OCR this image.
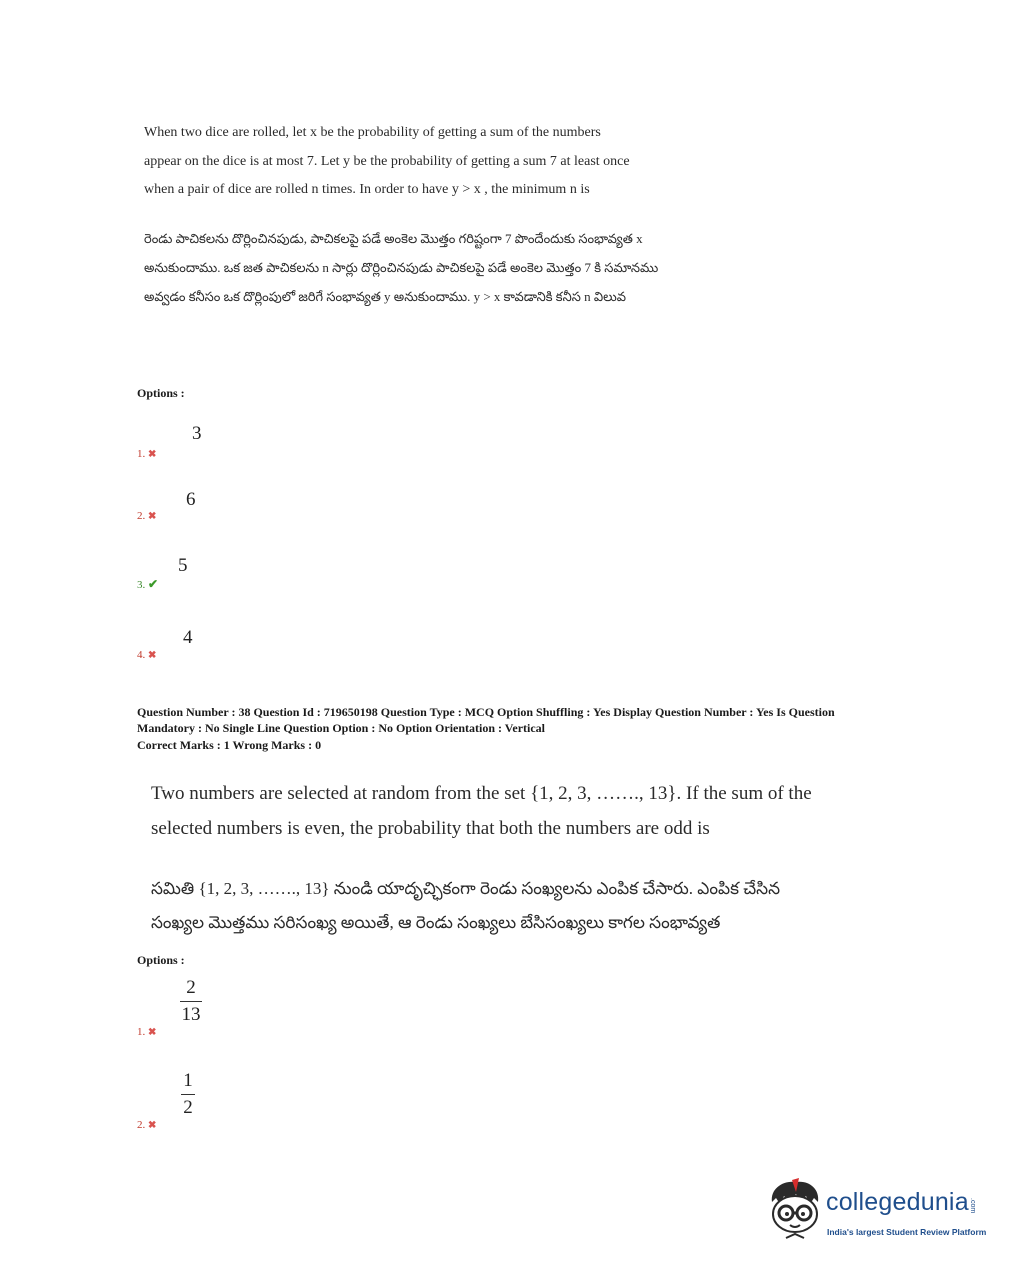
When two dice are rolled, let x be the probability of getting a sum of the numbers
appear on the dice is at most 7. Let y be the probability of getting a sum 7 at least once
when a pair of dice are rolled n times. In order to have y > x , the minimum n is
రెండు పాచికలను దొర్లించినపుడు, పాచికలపై పడే అంకెల మొత్తం గరిష్టంగా 7 పొందేందుకు సంభావ్యత x
అనుకుందాము. ఒక జత పాచికలను n సార్లు దొర్లించినపుడు పాచికలపై పడే అంకెల మొత్తం 7 కి సమానము
అవ్వడం కనీసం ఒక దొర్లింపులో జరిగే సంభావ్యత y అనుకుందాము. y > x కావడానికి కనీస n విలువ
Options :
3
1. ✖
6
2. ✖
5
3. ✔
4
4. ✖
Question Number : 38 Question Id : 719650198 Question Type : MCQ Option Shuffling : Yes Display Question Number : Yes Is Question
Mandatory : No Single Line Question Option : No Option Orientation : Vertical
Correct Marks : 1 Wrong Marks : 0
Two numbers are selected at random from the set {1, 2, 3, ……., 13}. If the sum of the
selected numbers is even, the probability that both the numbers are odd is
సమితి {1, 2, 3, ……., 13} నుండి యాదృచ్ఛికంగా రెండు సంఖ్యలను ఎంపిక చేసారు. ఎంపిక చేసిన
సంఖ్యల మొత్తము సరిసంఖ్య అయితే, ఆ రెండు సంఖ్యలు బేసిసంఖ్యలు కాగల సంభావ్యత
Options :
2
13
1. ✖
1
2
2. ✖
collegedunia.com
India's largest Student Review Platform
